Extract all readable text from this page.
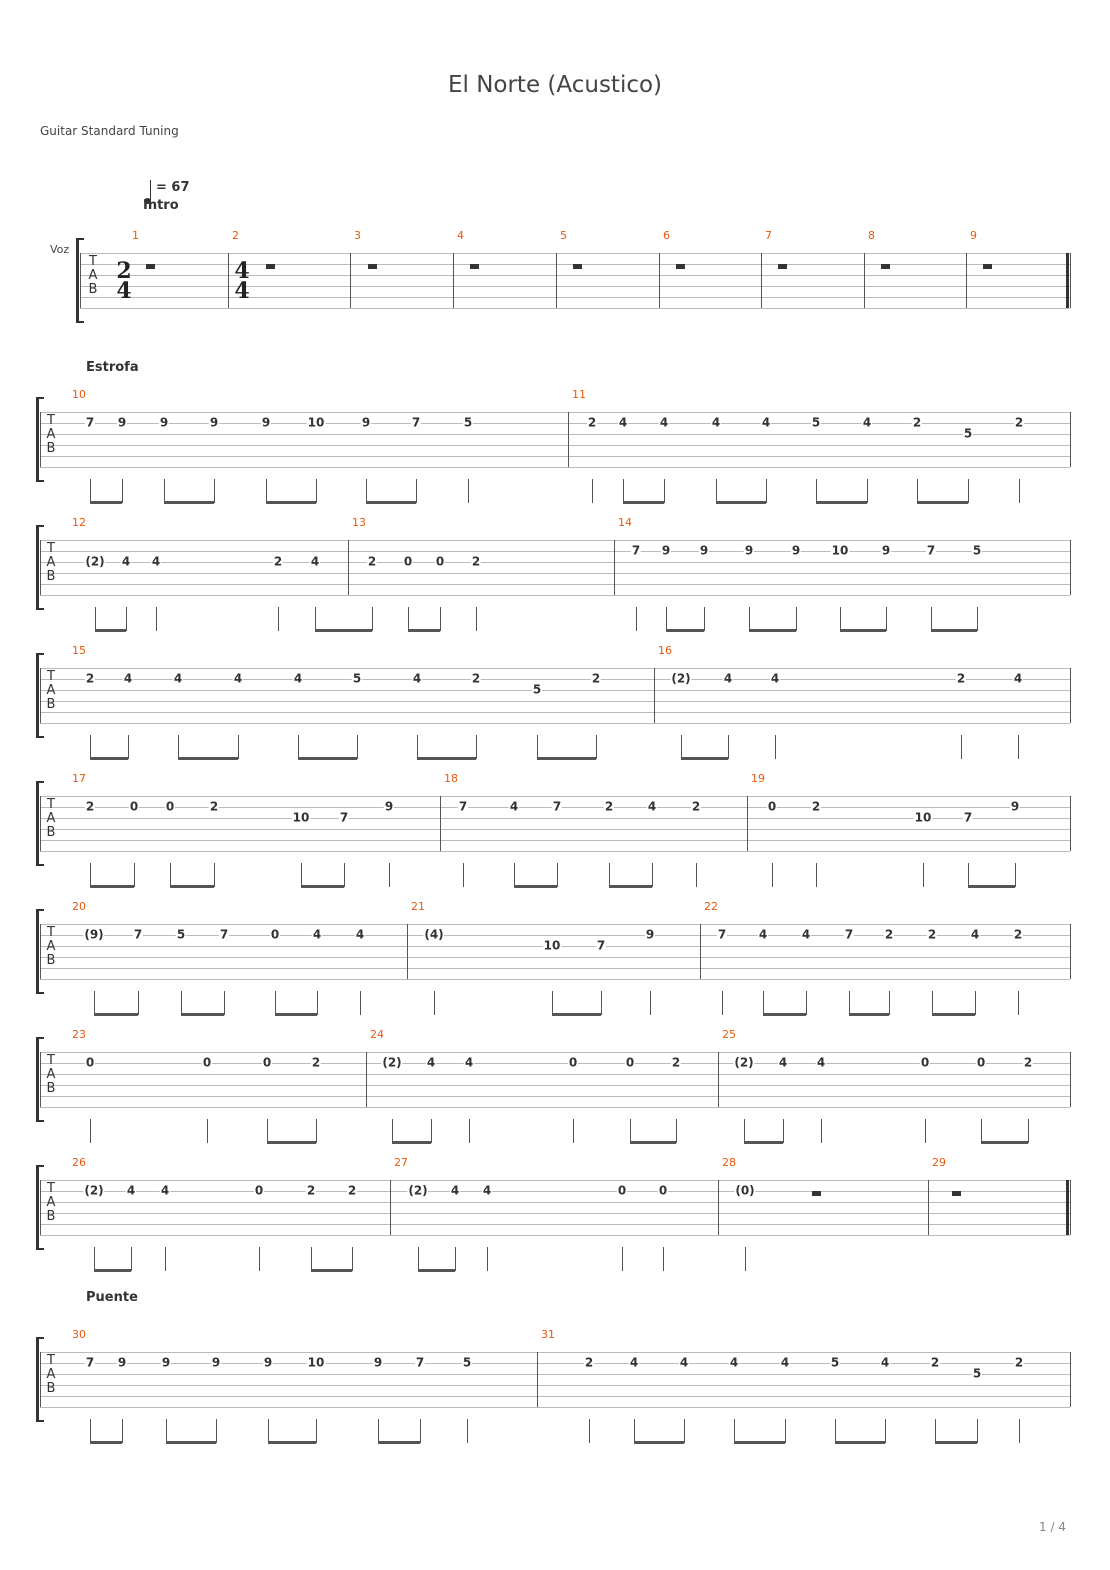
El Norte (Acustico)
Guitar Standard Tuning
= 67
Intro
Voz
T
A
B
1	2	3	4	5	6	7	8	9
2
4
4
4
T
A
B
10	11
Estrofa
7 9	9	9	9	10	9	7	5	2 4	4	4	4	5	4	2
5
2
T
A
B
12	13	14
(2) 4 4	2 4	2 0 0 2
7 9 9	9	9	10	9	7	5
T
A
B
15	16
2 4	4	4	4	5	4	2
5
2	(2)	4	4	2	4
T
A
B
17	18	19
2	0 0	2
10	7
9	7	4	7	2	4	2	0	2
10	7
9
T
A
B
20	21	22
(9)	7	5	7	0	4	4	(4)
10	7
9	7	4	4	7	2	2	4	2
T
A
B
23	24	25
0	0	0	2	(2) 4 4	0	0	2	(2) 4 4	0	0	2
T
A
B
26	27	28	29
(2) 4 4	0	2	2	(2) 4 4	0	0	(0)
T
A
B
30	31
Puente
7 9	9	9	9	10	9	7	5	2	4	4	4	4	5	4	2
5
2
1 / 4
